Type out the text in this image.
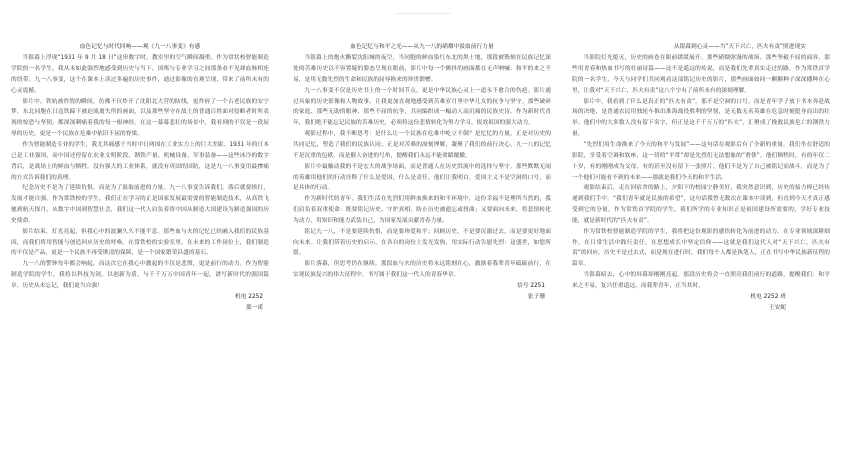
血色记忆与时代回响——观《九一八事变》有感

当银幕上浮现“1931 年 9 月 18 日”这串数字时，教室里的空气瞬间凝重。作为常状校智能制造学院的一名学生，我从未如此强烈地感受到历史与当下、国殇与专业学习之间那条看不见却血脉相连的纽带。九一八事变，这个在课本上读过多遍的历史事件，通过影像的直观呈现，带来了前所未有的心灵震撼。

影片中，铁轨被炸毁的瞬间，仿佛不仅炸开了沈阳北大营的防线，更炸碎了一个古老民族的安宁梦。东北同胞在日寇铁蹄下被迫流离失所的画面，以及那些坚守在故土的普通百姓面对侵略者时所表现的惊恐与坚韧，都深深刺痛着我的每一根神经。在这一幕幕悲壮的场景中，我看到的不仅是一段屈辱的历史，更是一个民族在危难中依旧不屈的脊梁。

作为智能制造专业的学生，我尤其痛感于当时中日两国在工业实力上的巨大差距。1931 年的日本已是工业强国，而中国还停留在农业文明阶段。钢铁产量、机械设备、军事装备——这些冰冷的数字背后，是战场上的鲜血与牺牲。没有强大的工业体系，就没有巩固的国防，这是九一八事变用最惨痛的方式告诉我们的真理。

纪念历史不是为了延续仇恨，而是为了汲取前进的力量。九一八事变告诉我们，落后就要挨打，发展才能自强。作为常铁校的学生，我们正在学习的正是国家发展最需要的智能制造技术，从高铁飞驰到航天探月，从数字中国到智慧社会，我们这一代人肩负着将中国从制造大国建设为制造强国的历史使命。

影片结束，灯光亮起，但我心中的波澜久久不能平息。那些血与火的记忆已经融入我们的民族基因，而我们将用智能与创造回应历史的呼唤。在常铁校的实验室里，在未来的工作岗位上，我们制造的不仅是产品，更是一个民族不再受欺凌的保障，是一个国家繁荣昌盛的基石。

九一八的警钟每年都会响起，而这次它在我心中激起的不仅是悲愤，更是前行的动力。作为智能制造学院的学生，我将以科技为剑，以创新为盾，与千千万万中国青年一起，谱写新时代的强国篇章。历史从未忘记，我们更当自强！

机电 2252
那一诺
血色记忆与和平之光——从九一八的硝烟中汲取前行力量

当银幕上的炮火撕裂沈阳城的夜空，当同胞的鲜血染红东北的黑土地，那段被镌刻在民族记忆深处的苦难历史以不容置疑的姿态呈现在眼前，影片中每一个颤抖的画面都在无声呐喊：和平的来之不易，是用无数先烈的生命和民族的屈辱换来的珍贵馈赠。

九一八事变不仅是历史书上的一个时间节点，更是中华民族心灵上一道永不愈合的伤疤。影片通过具象的历史影像和人物故事，让我更加直观地感受到苦难岁月里中华儿女的抗争与坚守。那些破碎的家庭、那些无助的眼神、那些不屈的抗争，共同编织成一幅动人而沉痛的民族史诗。作为新时代青年，我们绝不能忘记民族的苦难历史，必须将这份悲情转化为努力学习、报效祖国的强大动力。

观影过程中，我不断思考：是什么让一个民族在危难中屹立不倒？是忆忆的力量，正是对历史的共同记忆，塑造了我们的民族认同；正是对苦难的深刻理解，凝聚了我们的前行决心。九一八的记忆不是沉重的包袱，而是催人奋进的号角，提醒我们永远不能重蹈覆辙。

影片中最触动我的不是宏大的战争场面，而是普通人在历史洪流中的选择与坚守。那些默默无闻的英雄用他们的行动诠释了什么是爱国，什么是责任。他们让我明白，爱国主义不是空洞的口号，而是具体的行动。

作为新时代的青年，我们生活在先烈们用鲜血换来的和平环境中，这份幸福不是理所当然的，我们肩负着双重使命：既要铭记历史、守护真相，防止历史被遗忘或扭曲；又要面向未来，将悲情转化为动力，用知识和能力武装自己，为国家发展贡献青春力量。

铭记九一八，不是要延续仇恨，而是要珍爱和平；回顾历史，不是要沉溺过去，而是要更好地面向未来。让我们带着历史的启示，在各自的岗位上发光发热，用实际行动告慰先烈：这盛世，如您所愿。

影片落幕，但思考仍在继续。那段血与火的历史将永远铭刻在心，激励着我辈青年砥砺前行，在实现民族复兴的伟大征程中，书写属于我们这一代人的青春华章。

信号 2251
张子珊
从银幕到心灵——当“天下兴亡，匹夫有责”照进现实

当影院灯光熄灭，历史的画卷在眼前缓缓展开。那些硝烟弥漫的战场、那些坚毅不屈的面容，那些用青春和热血书写的壮丽诗篇——这不是遥远的传说，而是我们先辈真实走过的路。作为常铁首学院的一名学生，今天与同学们共同观看这部铭记历史的影片，那些画面如同一颗颗种子深深播种在心里，让我对“天下兴亡，匹夫有责”这八个字有了前所未有的深刻理解。

影片中，我看到了什么是真正的“匹夫有责”。那不是空洞的口号，而是青年学子放下书本奔赴战场的决绝，是普通农民用独轮车推出淮海战役胜利的坚韧，是无数无名英雄在危急时刻挺身而出的壮举。他们中的大多数人没有留下名字，但正是这千千万万的“匹夫”，汇聚成了挽救民族危亡的钢铁力量。

“先烈们用生命换来了今天的和平与发展”——这句话在观影后有了全新的重量。我们坐在舒适的影院，享受着空调和软座，这一切的“平常”却是先烈们无法想象的“奢侈”。他们牺牲时，有的年仅二十岁，有的刚刚成为父母，有的甚至没有留下一张照片。他们不是为了自己被铭记而战斗，而是为了一个他们可能看不到的未来——那就是我们今天的和平生活。

观影结束后，走在回宿舍的路上，夕阳下的校园宁静美好，我突然意识到，历史的接力棒已经传递到我们手中。“我们青年就是民族的希望”，这句话我曾无数次在课本中读到，但直到今天才真正感受到它的分量。作为常铁首学院的学生，我们所学的专业知识正是祖国建设所需要的，学好专业技能，就是新时代的“匹夫有责”。

作为常铁校智能制造学院的学生，我将把这份观影的感悟转化为前进的动力。在专业领域深耕细作，在日常生活中践行责任，在思想成长中坚定信仰——这就是我们这代人对“天下兴亡，匹夫有责”的回应。历史不是过去式，而是现在进行时，我们每个人都是执笔人，正在书写中华民族新征程的篇章。

当银幕暗去，心中的屏幕却刚刚亮起。那段历史将会一直照亮我们前行的道路，提醒我们：和平来之不易，复兴任重道远，而我辈青年，正当其时。

机电 2252 班
王安妮
